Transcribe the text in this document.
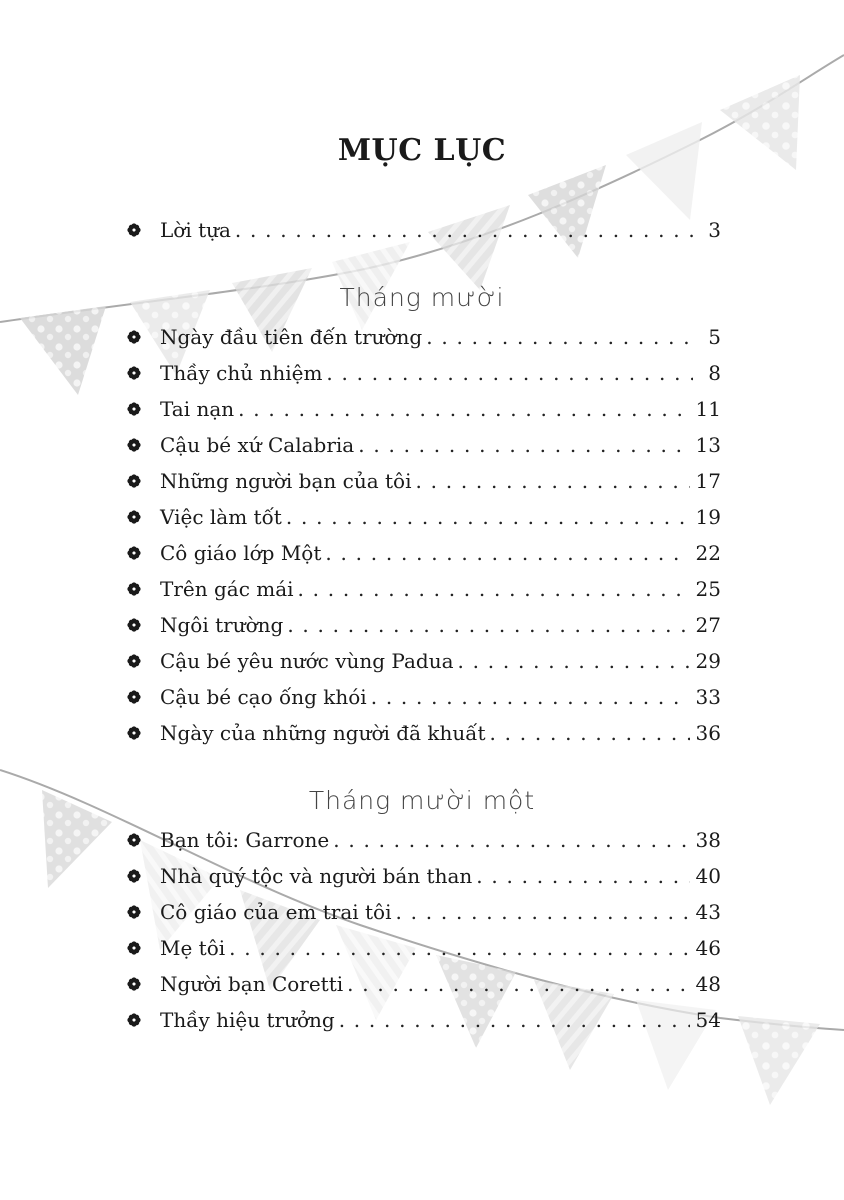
MỤC LỤC
Lời tựa . . .	3
Tháng mười
Ngày đầu tiên đến trường . . .	5
Thầy chủ nhiệm . . .	8
Tai nạn . . .	11
Cậu bé xứ Calabria . . .	13
Những người bạn của tôi . . .	17
Việc làm tốt . . .	19
Cô giáo lớp Một . . .	22
Trên gác mái . . .	25
Ngôi trường . . .	27
Cậu bé yêu nước vùng Padua . . .	29
Cậu bé cạo ống khói . . .	33
Ngày của những người đã khuất . . .	36
Tháng mười một
Bạn tôi: Garrone . . .	38
Nhà quý tộc và người bán than . . .	40
Cô giáo của em trai tôi . . .	43
Mẹ tôi . . .	46
Người bạn Coretti . . .	48
Thầy hiệu trưởng . . .	54
